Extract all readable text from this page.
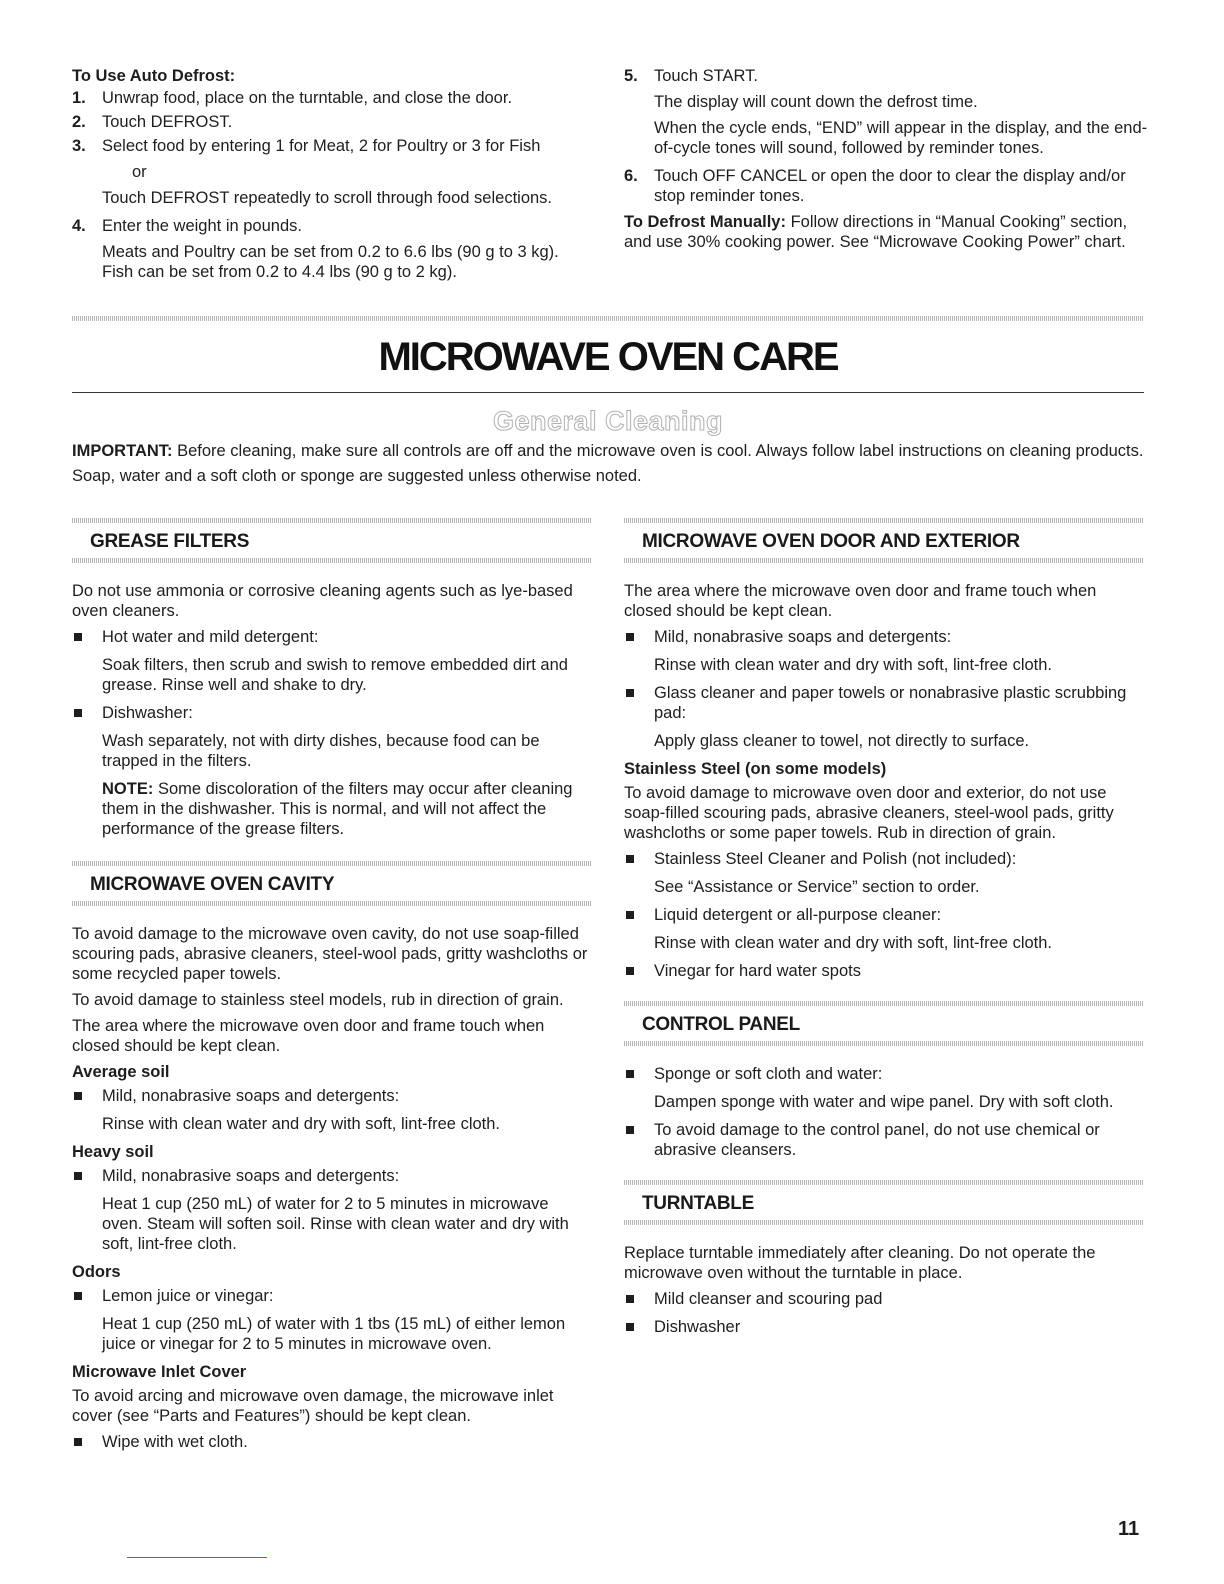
To Use Auto Defrost:
1. Unwrap food, place on the turntable, and close the door.
2. Touch DEFROST.
3. Select food by entering 1 for Meat, 2 for Poultry or 3 for Fish
or
Touch DEFROST repeatedly to scroll through food selections.
4. Enter the weight in pounds.
Meats and Poultry can be set from 0.2 to 6.6 lbs (90 g to 3 kg).
Fish can be set from 0.2 to 4.4 lbs (90 g to 2 kg).
5. Touch START.
The display will count down the defrost time.
When the cycle ends, “END” will appear in the display, and the end-of-cycle tones will sound, followed by reminder tones.
6. Touch OFF CANCEL or open the door to clear the display and/or stop reminder tones.

To Defrost Manually: Follow directions in “Manual Cooking” section, and use 30% cooking power. See “Microwave Cooking Power” chart.

MICROWAVE OVEN CARE
General Cleaning

IMPORTANT: Before cleaning, make sure all controls are off and the microwave oven is cool. Always follow label instructions on cleaning products.

Soap, water and a soft cloth or sponge are suggested unless otherwise noted.

GREASE FILTERS

Do not use ammonia or corrosive cleaning agents such as lye-based oven cleaners.

Hot water and mild detergent:

Soak filters, then scrub and swish to remove embedded dirt and grease. Rinse well and shake to dry.

Dishwasher:

Wash separately, not with dirty dishes, because food can be trapped in the filters.

NOTE: Some discoloration of the filters may occur after cleaning them in the dishwasher. This is normal, and will not affect the performance of the grease filters.

MICROWAVE OVEN CAVITY

To avoid damage to the microwave oven cavity, do not use soap-filled scouring pads, abrasive cleaners, steel-wool pads, gritty washcloths or some recycled paper towels.

To avoid damage to stainless steel models, rub in direction of grain.

The area where the microwave oven door and frame touch when closed should be kept clean.

Average soil
Mild, nonabrasive soaps and detergents:

Rinse with clean water and dry with soft, lint-free cloth.

Heavy soil
Mild, nonabrasive soaps and detergents:

Heat 1 cup (250 mL) of water for 2 to 5 minutes in microwave oven. Steam will soften soil. Rinse with clean water and dry with soft, lint-free cloth.

Odors
Lemon juice or vinegar:

Heat 1 cup (250 mL) of water with 1 tbs (15 mL) of either lemon juice or vinegar for 2 to 5 minutes in microwave oven.

Microwave Inlet Cover

To avoid arcing and microwave oven damage, the microwave inlet cover (see “Parts and Features”) should be kept clean.

Wipe with wet cloth.
MICROWAVE OVEN DOOR AND EXTERIOR

The area where the microwave oven door and frame touch when closed should be kept clean.

Mild, nonabrasive soaps and detergents:

Rinse with clean water and dry with soft, lint-free cloth.

Glass cleaner and paper towels or nonabrasive plastic scrubbing pad:

Apply glass cleaner to towel, not directly to surface.

Stainless Steel (on some models)

To avoid damage to microwave oven door and exterior, do not use soap-filled scouring pads, abrasive cleaners, steel-wool pads, gritty washcloths or some paper towels. Rub in direction of grain.

Stainless Steel Cleaner and Polish (not included):

See “Assistance or Service” section to order.

Liquid detergent or all-purpose cleaner:

Rinse with clean water and dry with soft, lint-free cloth.

Vinegar for hard water spots
CONTROL PANEL
Sponge or soft cloth and water:

Dampen sponge with water and wipe panel. Dry with soft cloth.

To avoid damage to the control panel, do not use chemical or abrasive cleansers.
TURNTABLE

Replace turntable immediately after cleaning. Do not operate the microwave oven without the turntable in place.

Mild cleanser and scouring pad
Dishwasher
11
